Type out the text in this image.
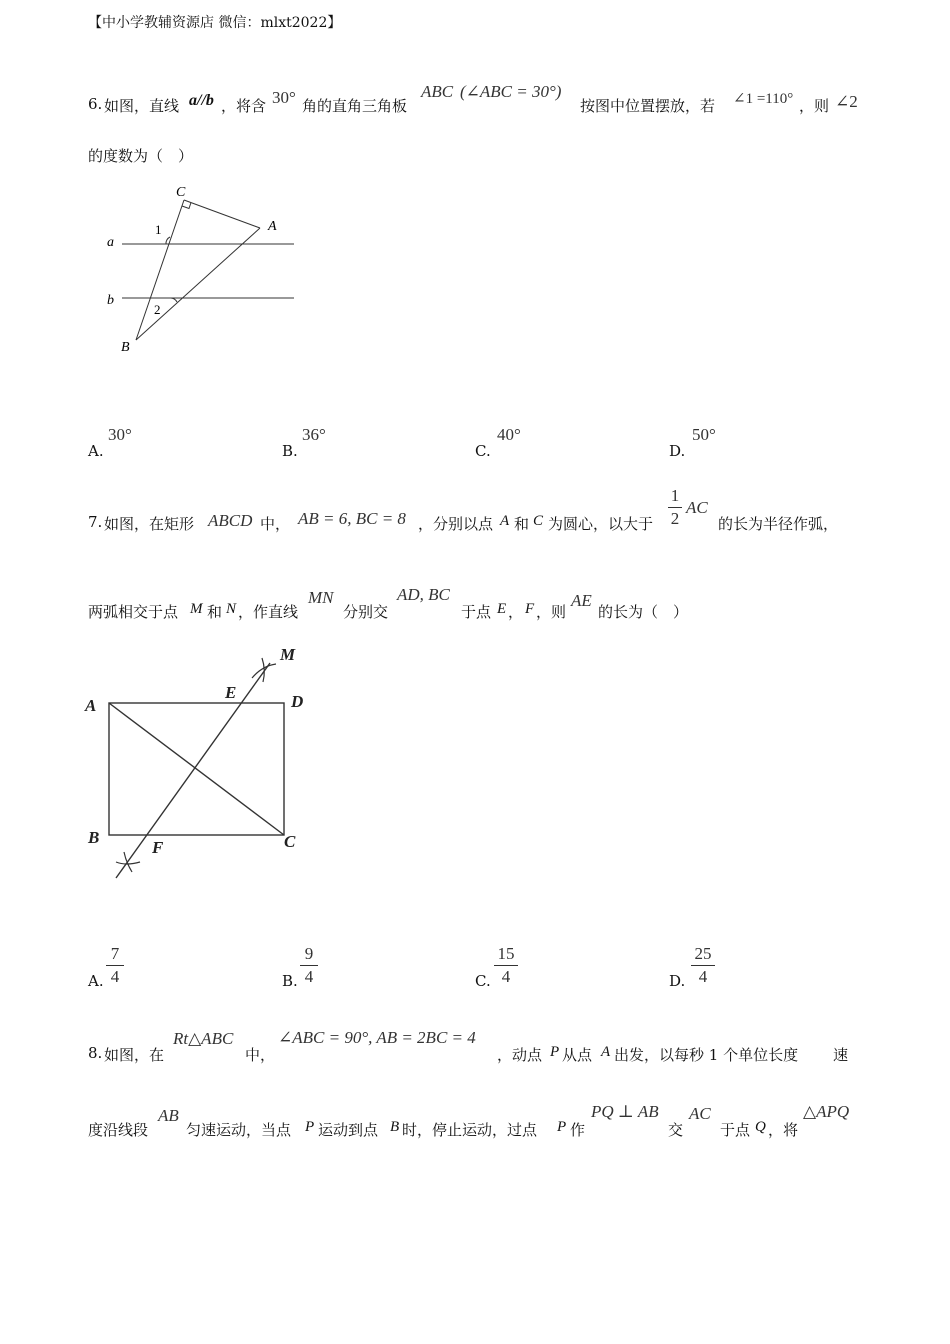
【中小学教辅资源店 微信：mlxt2022】
6. 如图，直线 a//b ，将含 30° 角的直角三角板
ABC (∠ABC = 30°)
按图中位置摆放，若 ∠1 =110° ，则 ∠2
的度数为（　）
C
A
B
a
b
1
2
A.
30°
B.
36°
C.
40°
D.
50°
7. 如图，在矩形 ABCD 中， AB = 6, BC = 8 ，分别以点 A 和 C 为圆心，以大于
1
2
AC
的长为半径作弧，
两弧相交于点 M 和 N ，作直线
MN
分别交
AD, BC
于点 E ， F ，则
AE
的长为（　）
M
E	D
A
B
F	C
A.
7
4	B.
9
4	C.
15
4	D.
25
4
8. 如图，在
Rt△ABC
中，
∠ABC = 90°, AB = 2BC = 4
，动点 P 从点 A 出发，以每秒 1 个单位长度 速
度沿线段
AB
匀速运动，当点 P 运动到点 B 时，停止运动，过点 P 作
PQ ⊥ AB
交
AC
于点 Q ，将
△APQ
